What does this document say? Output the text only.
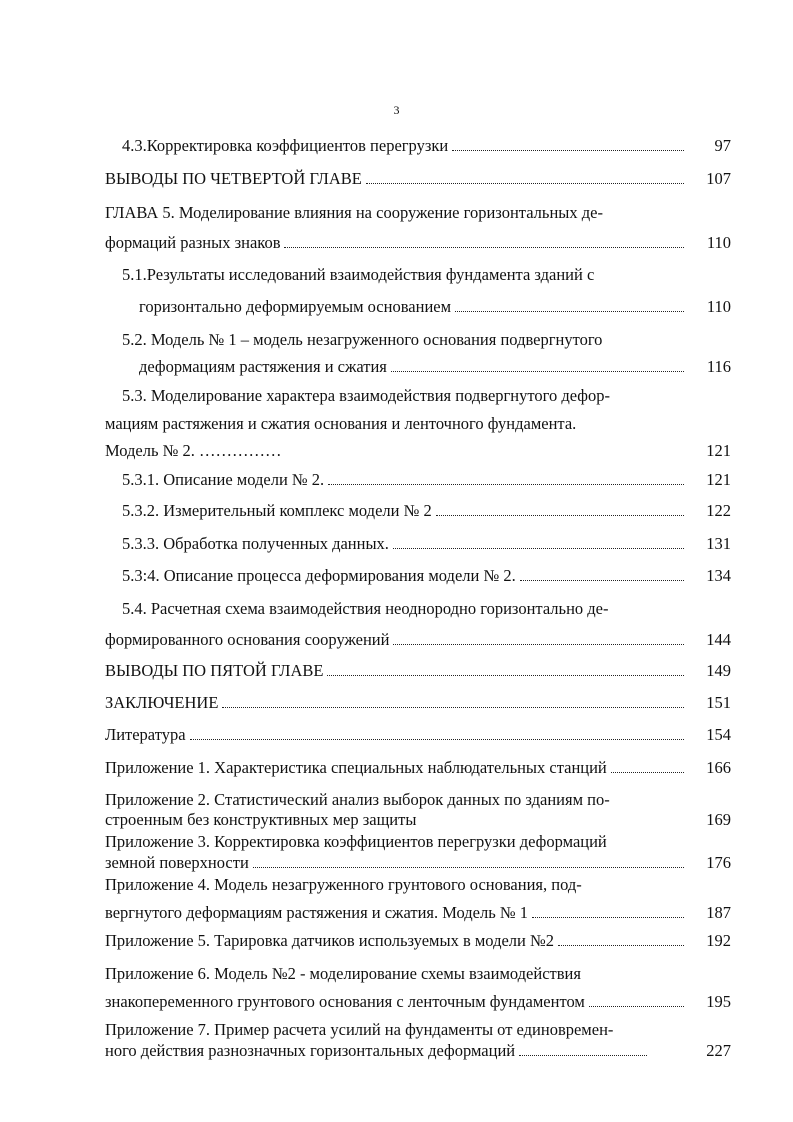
3
4.3.Корректировка коэффициентов перегрузки	97
ВЫВОДЫ ПО ЧЕТВЕРТОЙ ГЛАВЕ	107
ГЛАВА 5. Моделирование влияния на сооружение горизонтальных де-
формаций разных знаков	110
5.1.Результаты исследований взаимодействия фундамента зданий с
горизонтально деформируемым основанием	110
5.2. Модель № 1 – модель незагруженного основания подвергнутого
деформациям растяжения и сжатия	116
5.3. Моделирование характера взаимодействия подвергнутого дефор-
мациям растяжения и сжатия основания и ленточного фундамента.
Модель № 2. ……………	121
5.3.1. Описание модели № 2.	121
5.3.2. Измерительный комплекс модели № 2	122
5.3.3. Обработка полученных данных.	131
5.3:4. Описание процесса деформирования модели № 2.	134
5.4. Расчетная схема взаимодействия неоднородно горизонтально де-
формированного основания сооружений	144
ВЫВОДЫ ПО ПЯТОЙ ГЛАВЕ	149
ЗАКЛЮЧЕНИЕ	151
Литература	154
Приложение 1. Характеристика специальных наблюдательных станций	166
Приложение 2. Статистический анализ выборок данных по зданиям по-
строенным без конструктивных мер защиты	169
Приложение 3. Корректировка коэффициентов перегрузки деформаций
земной поверхности	176
Приложение 4. Модель незагруженного грунтового основания, под-
вергнутого деформациям растяжения и сжатия. Модель № 1	187
Приложение 5. Тарировка датчиков используемых в модели №2	192
Приложение 6. Модель №2 - моделирование схемы взаимодействия
знакопеременного грунтового основания с ленточным фундаментом	195
Приложение 7. Пример расчета усилий на фундаменты от единовремен-
ного действия разнозначных горизонтальных деформаций	227
